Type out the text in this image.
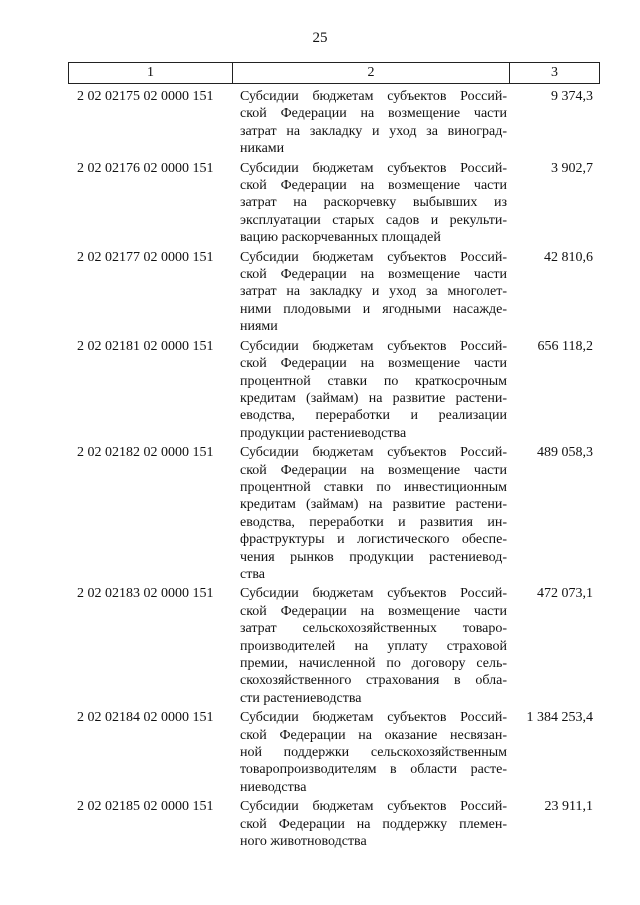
25
1	2	3
2 02 02175 02 0000 151	Субсидии бюджетам субъектов Россий-
ской Федерации на возмещение части
затрат на закладку и уход за виноград-
никами
9 374,3
2 02 02176 02 0000 151	Субсидии бюджетам субъектов Россий-
ской Федерации на возмещение части
затрат на раскорчевку выбывших из
эксплуатации старых садов и рекульти-
вацию раскорчеванных площадей
3 902,7
2 02 02177 02 0000 151	Субсидии бюджетам субъектов Россий-
ской Федерации на возмещение части
затрат на закладку и уход за многолет-
ними плодовыми и ягодными насажде-
ниями
42 810,6
2 02 02181 02 0000 151	Субсидии бюджетам субъектов Россий-
ской Федерации на возмещение части
процентной ставки по краткосрочным
кредитам (займам) на развитие растени-
еводства, переработки и реализации
продукции растениеводства
656 118,2
2 02 02182 02 0000 151	Субсидии бюджетам субъектов Россий-
ской Федерации на возмещение части
процентной ставки по инвестиционным
кредитам (займам) на развитие растени-
еводства, переработки и развития ин-
фраструктуры и логистического обеспе-
чения рынков продукции растениевод-
ства
489 058,3
2 02 02183 02 0000 151	Субсидии бюджетам субъектов Россий-
ской Федерации на возмещение части
затрат сельскохозяйственных товаро-
производителей на уплату страховой
премии, начисленной по договору сель-
скохозяйственного страхования в обла-
сти растениеводства
472 073,1
2 02 02184 02 0000 151	Субсидии бюджетам субъектов Россий-
ской Федерации на оказание несвязан-
ной поддержки сельскохозяйственным
товаропроизводителям в области расте-
ниеводства
1 384 253,4
2 02 02185 02 0000 151	Субсидии бюджетам субъектов Россий-
ской Федерации на поддержку племен-
ного животноводства
23 911,1
